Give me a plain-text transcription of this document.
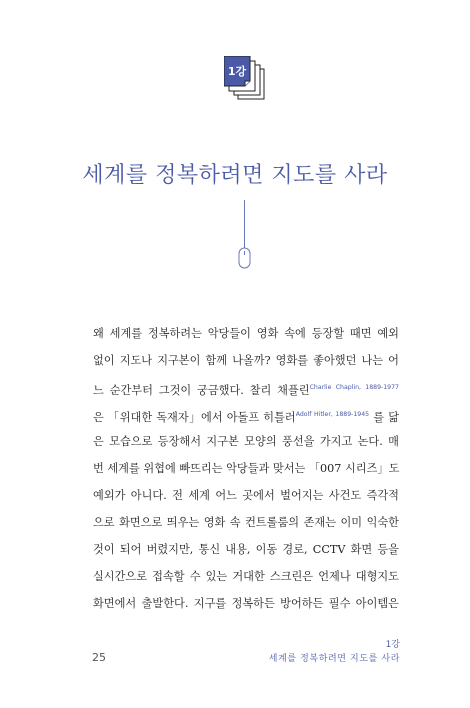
1강
세계를 정복하려면 지도를 사라
왜 세계를 정복하려는 악당들이 영화 속에 등장할 때면 예외
없이 지도나 지구본이 함께 나올까? 영화를 좋아했던 나는 어
느 순간부터 그것이 궁금했다. 찰리 채플린$^{Charlie Chaplin, 1889-1977}$
은 「위대한 독재자」에서 아돌프 히틀러$^{Adolf Hitler, 1889-1945}$ 를 닮
은 모습으로 등장해서 지구본 모양의 풍선을 가지고 논다. 매
번 세계를 위협에 빠뜨리는 악당들과 맞서는 「007 시리즈」도
예외가 아니다. 전 세계 어느 곳에서 벌어지는 사건도 즉각적
으로 화면으로 띄우는 영화 속 컨트롤룸의 존재는 이미 익숙한
것이 되어 버렸지만, 통신 내용, 이동 경로, CCTV 화면 등을
실시간으로 접속할 수 있는 거대한 스크린은 언제나 대형지도
화면에서 출발한다. 지구를 정복하든 방어하든 필수 아이템은
25
1강
세계를 정복하려면 지도를 사라
